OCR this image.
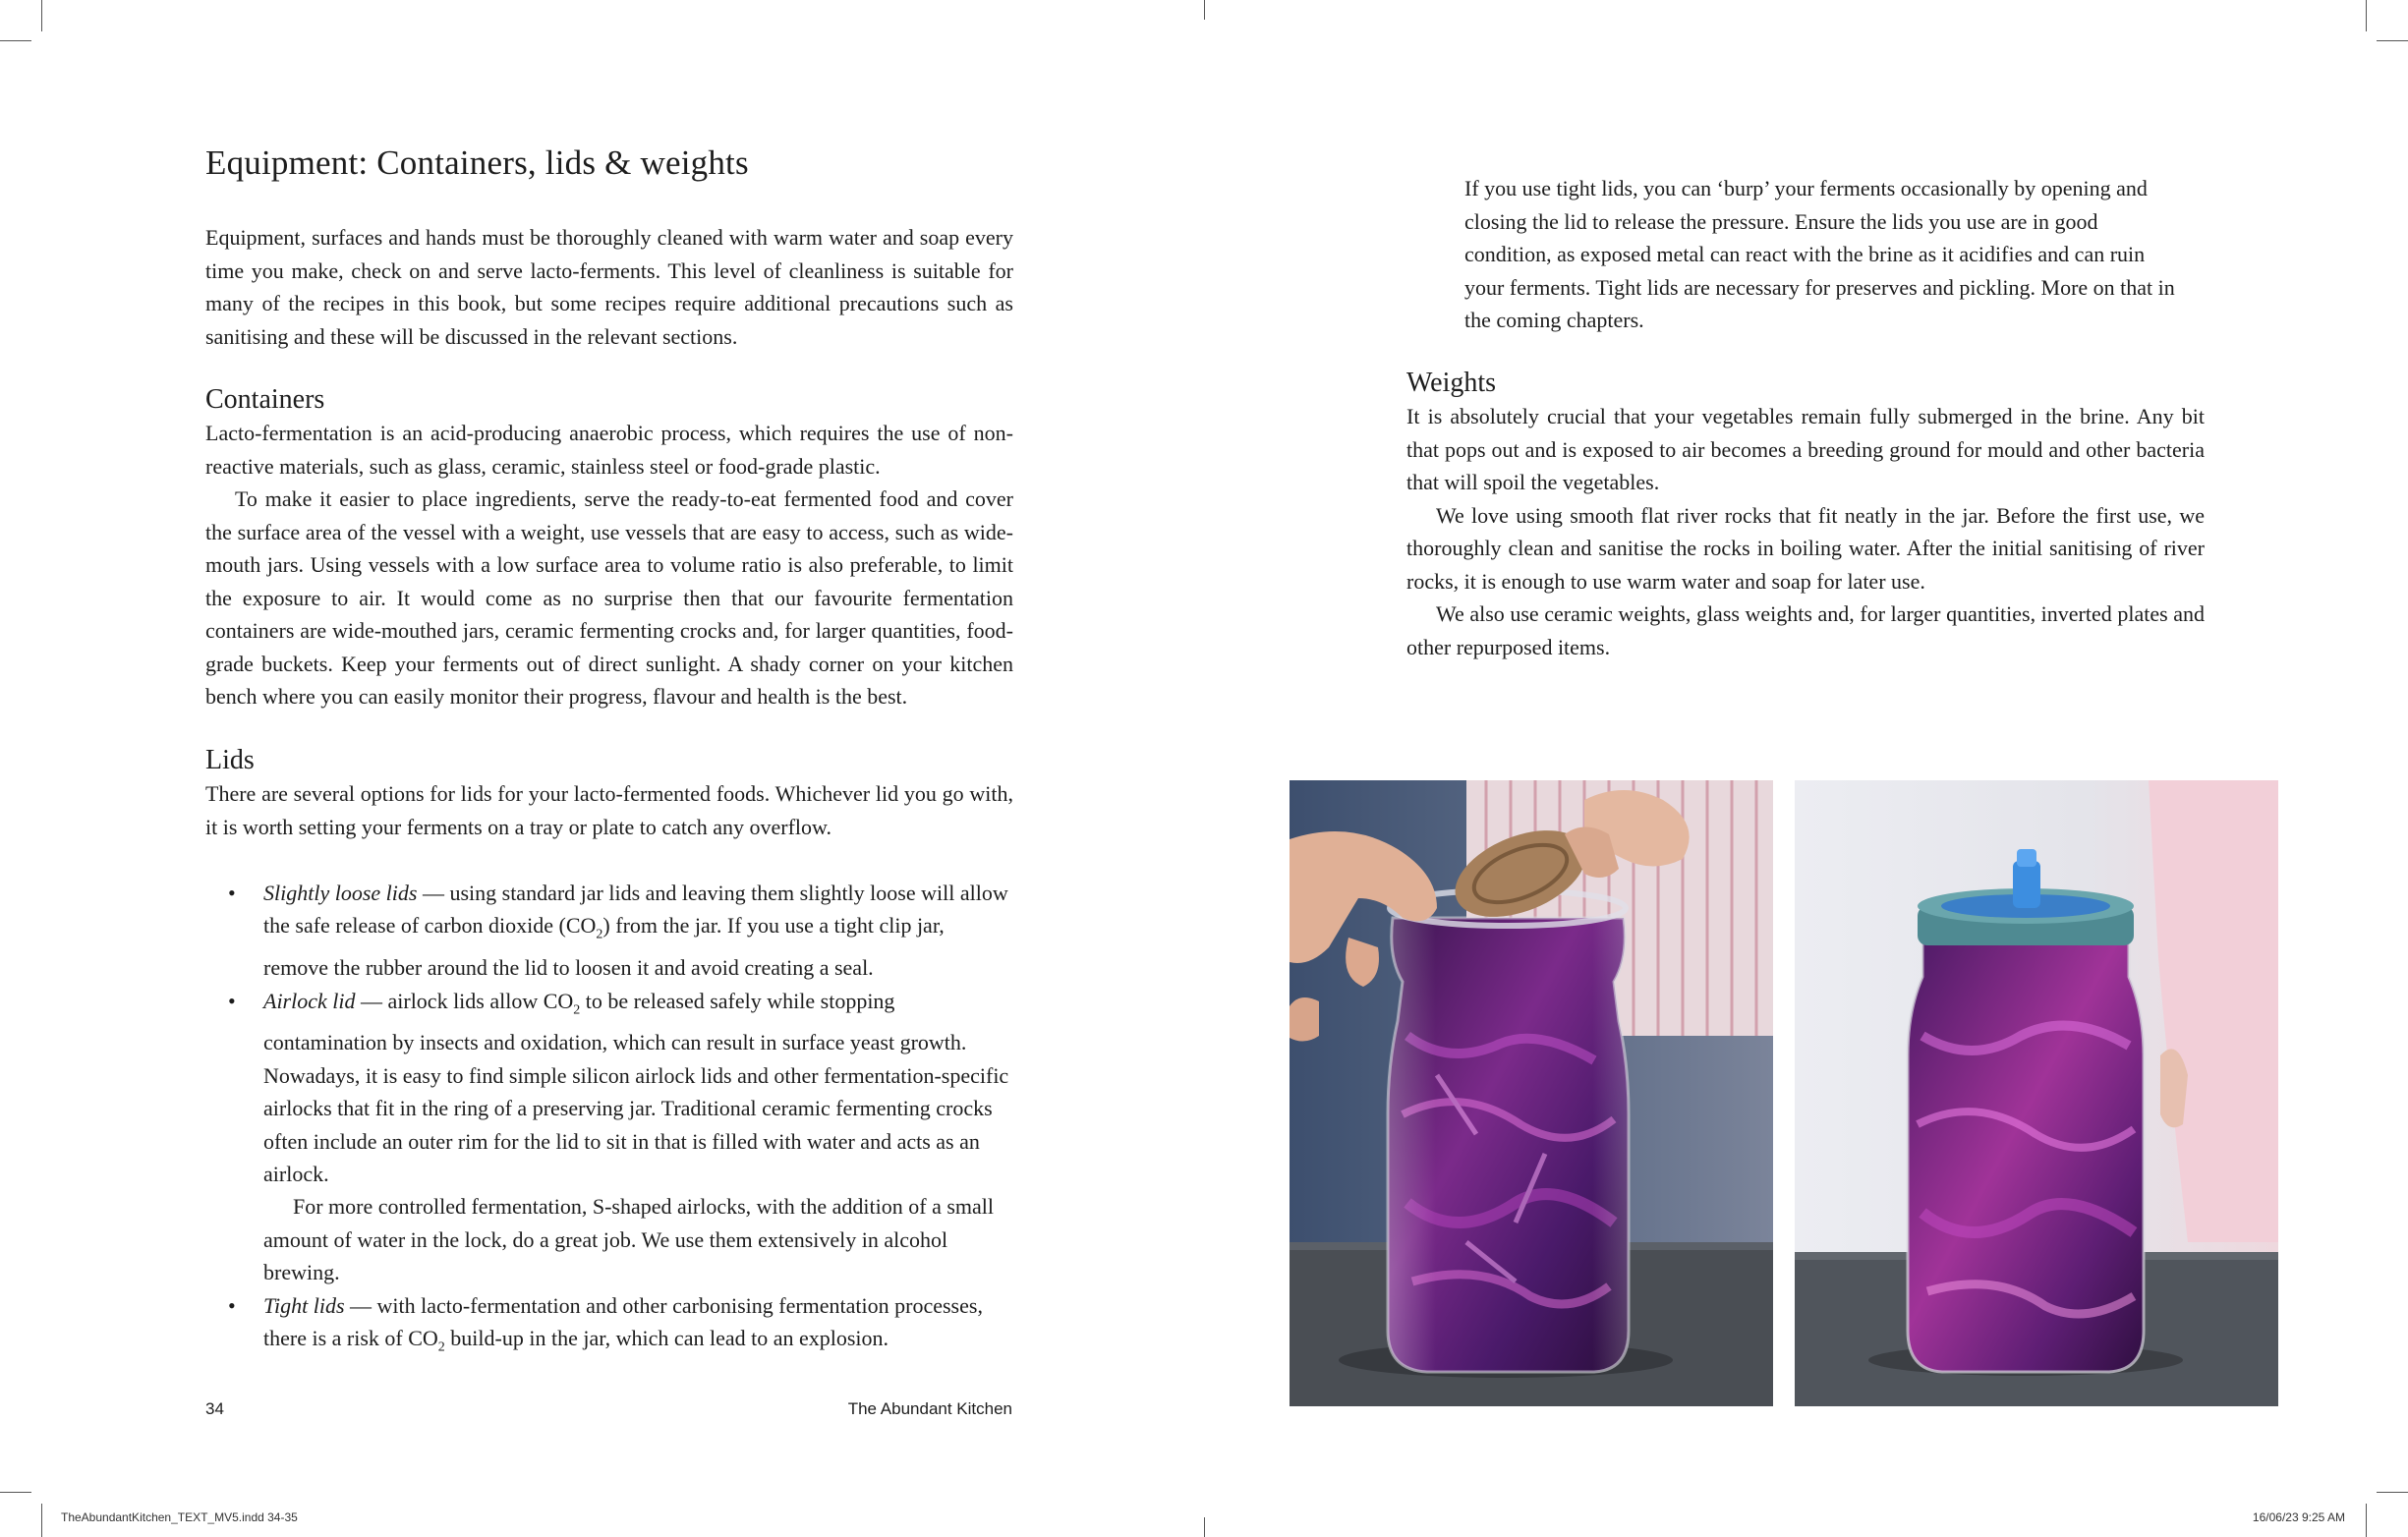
Equipment: Containers, lids & weights

Equipment, surfaces and hands must be thoroughly cleaned with warm water and soap every time you make, check on and serve lacto-ferments. This level of cleanliness is suitable for many of the recipes in this book, but some recipes require additional precautions such as sanitising and these will be discussed in the relevant sections.

Containers

Lacto-fermentation is an acid-producing anaerobic process, which requires the use of non-reactive materials, such as glass, ceramic, stainless steel or food-grade plastic.

To make it easier to place ingredients, serve the ready-to-eat fermented food and cover the surface area of the vessel with a weight, use vessels that are easy to access, such as wide-mouth jars. Using vessels with a low surface area to volume ratio is also preferable, to limit the exposure to air. It would come as no surprise then that our favourite fermentation containers are wide-mouthed jars, ceramic fermenting crocks and, for larger quantities, food-grade buckets. Keep your ferments out of direct sunlight. A shady corner on your kitchen bench where you can easily monitor their progress, flavour and health is the best.

Lids

There are several options for lids for your lacto-fermented foods. Whichever lid you go with, it is worth setting your ferments on a tray or plate to catch any overflow.

• Slightly loose lids — using standard jar lids and leaving them slightly loose will allow the safe release of carbon dioxide $(CO_2)$ from the jar. If you use a tight clip jar, remove the rubber around the lid to loosen it and avoid creating a seal.
• Airlock lid — airlock lids allow $CO_2$ to be released safely while stopping contamination by insects and oxidation, which can result in surface yeast growth. Nowadays, it is easy to find simple silicon airlock lids and other fermentation-specific airlocks that fit in the ring of a preserving jar. Traditional ceramic fermenting crocks often include an outer rim for the lid to sit in that is filled with water and acts as an airlock.
For more controlled fermentation, S-shaped airlocks, with the addition of a small amount of water in the lock, do a great job. We use them extensively in alcohol brewing.
• Tight lids — with lacto-fermentation and other carbonising fermentation processes, there is a risk of $CO_2$ build-up in the jar, which can lead to an explosion.
34	The Abundant Kitchen

If you use tight lids, you can ‘burp’ your ferments occasionally by opening and closing the lid to release the pressure. Ensure the lids you use are in good condition, as exposed metal can react with the brine as it acidifies and can ruin your ferments. Tight lids are necessary for preserves and pickling. More on that in the coming chapters.

Weights

It is absolutely crucial that your vegetables remain fully submerged in the brine. Any bit that pops out and is exposed to air becomes a breeding ground for mould and other bacteria that will spoil the vegetables.

We love using smooth flat river rocks that fit neatly in the jar. Before the first use, we thoroughly clean and sanitise the rocks in boiling water. After the initial sanitising of river rocks, it is enough to use warm water and soap for later use.

We also use ceramic weights, glass weights and, for larger quantities, inverted plates and other repurposed items.

TheAbundantKitchen_TEXT_MV5.indd 34-35	16/06/23 9:25 AM
